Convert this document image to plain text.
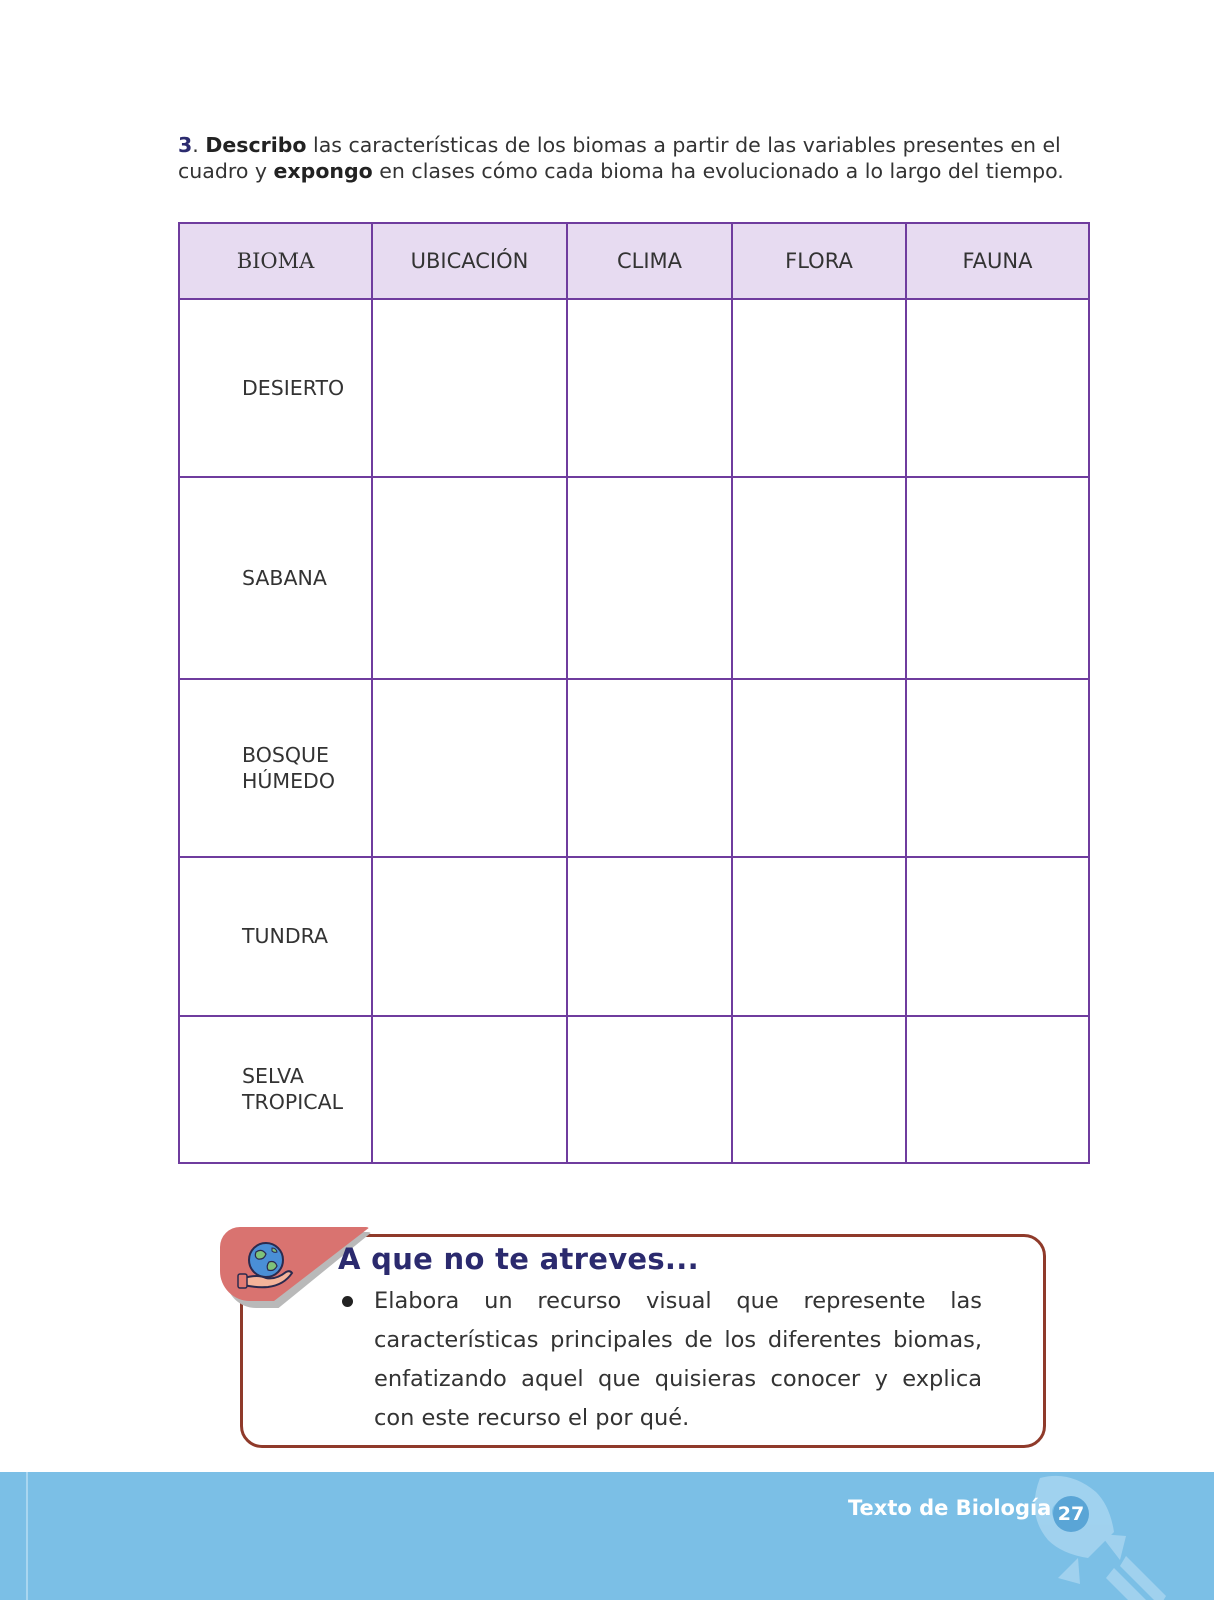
3. Describo las características de los biomas a partir de las variables presentes en el cuadro y expongo en clases cómo cada bioma ha evolucionado a lo largo del tiempo.

BIOMA	UBICACIÓN	CLIMA	FLORA	FAUNA

DESIERTO				

SABANA				

BOSQUE
HÚMEDO				

TUNDRA				

SELVA
TROPICAL				

A que no te atreves...

Elabora un recurso visual que represente las características principales de los diferentes biomas, enfatizando aquel que quisieras conocer y explica con este recurso el por qué.

Texto de Biología 27
